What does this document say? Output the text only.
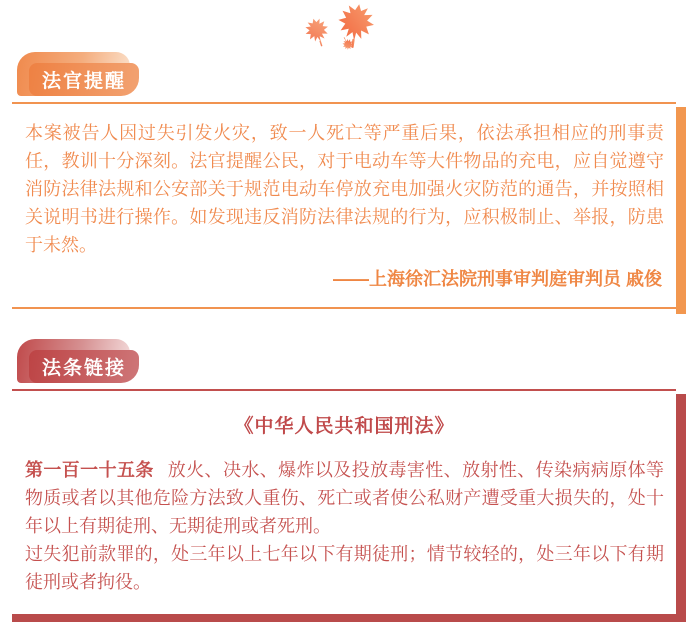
法官提醒

本案被告人因过失引发火灾，致一人死亡等严重后果，依法承担相应的刑事责任，教训十分深刻。法官提醒公民，对于电动车等大件物品的充电，应自觉遵守消防法律法规和公安部关于规范电动车停放充电加强火灾防范的通告，并按照相关说明书进行操作。如发现违反消防法律法规的行为，应积极制止、举报，防患于未然。

——上海徐汇法院刑事审判庭审判员 戚俊

法条链接
《中华人民共和国刑法》

第一百一十五条 放火、决水、爆炸以及投放毒害性、放射性、传染病病原体等物质或者以其他危险方法致人重伤、死亡或者使公私财产遭受重大损失的，处十年以上有期徒刑、无期徒刑或者死刑。

过失犯前款罪的，处三年以上七年以下有期徒刑；情节较轻的，处三年以下有期徒刑或者拘役。
